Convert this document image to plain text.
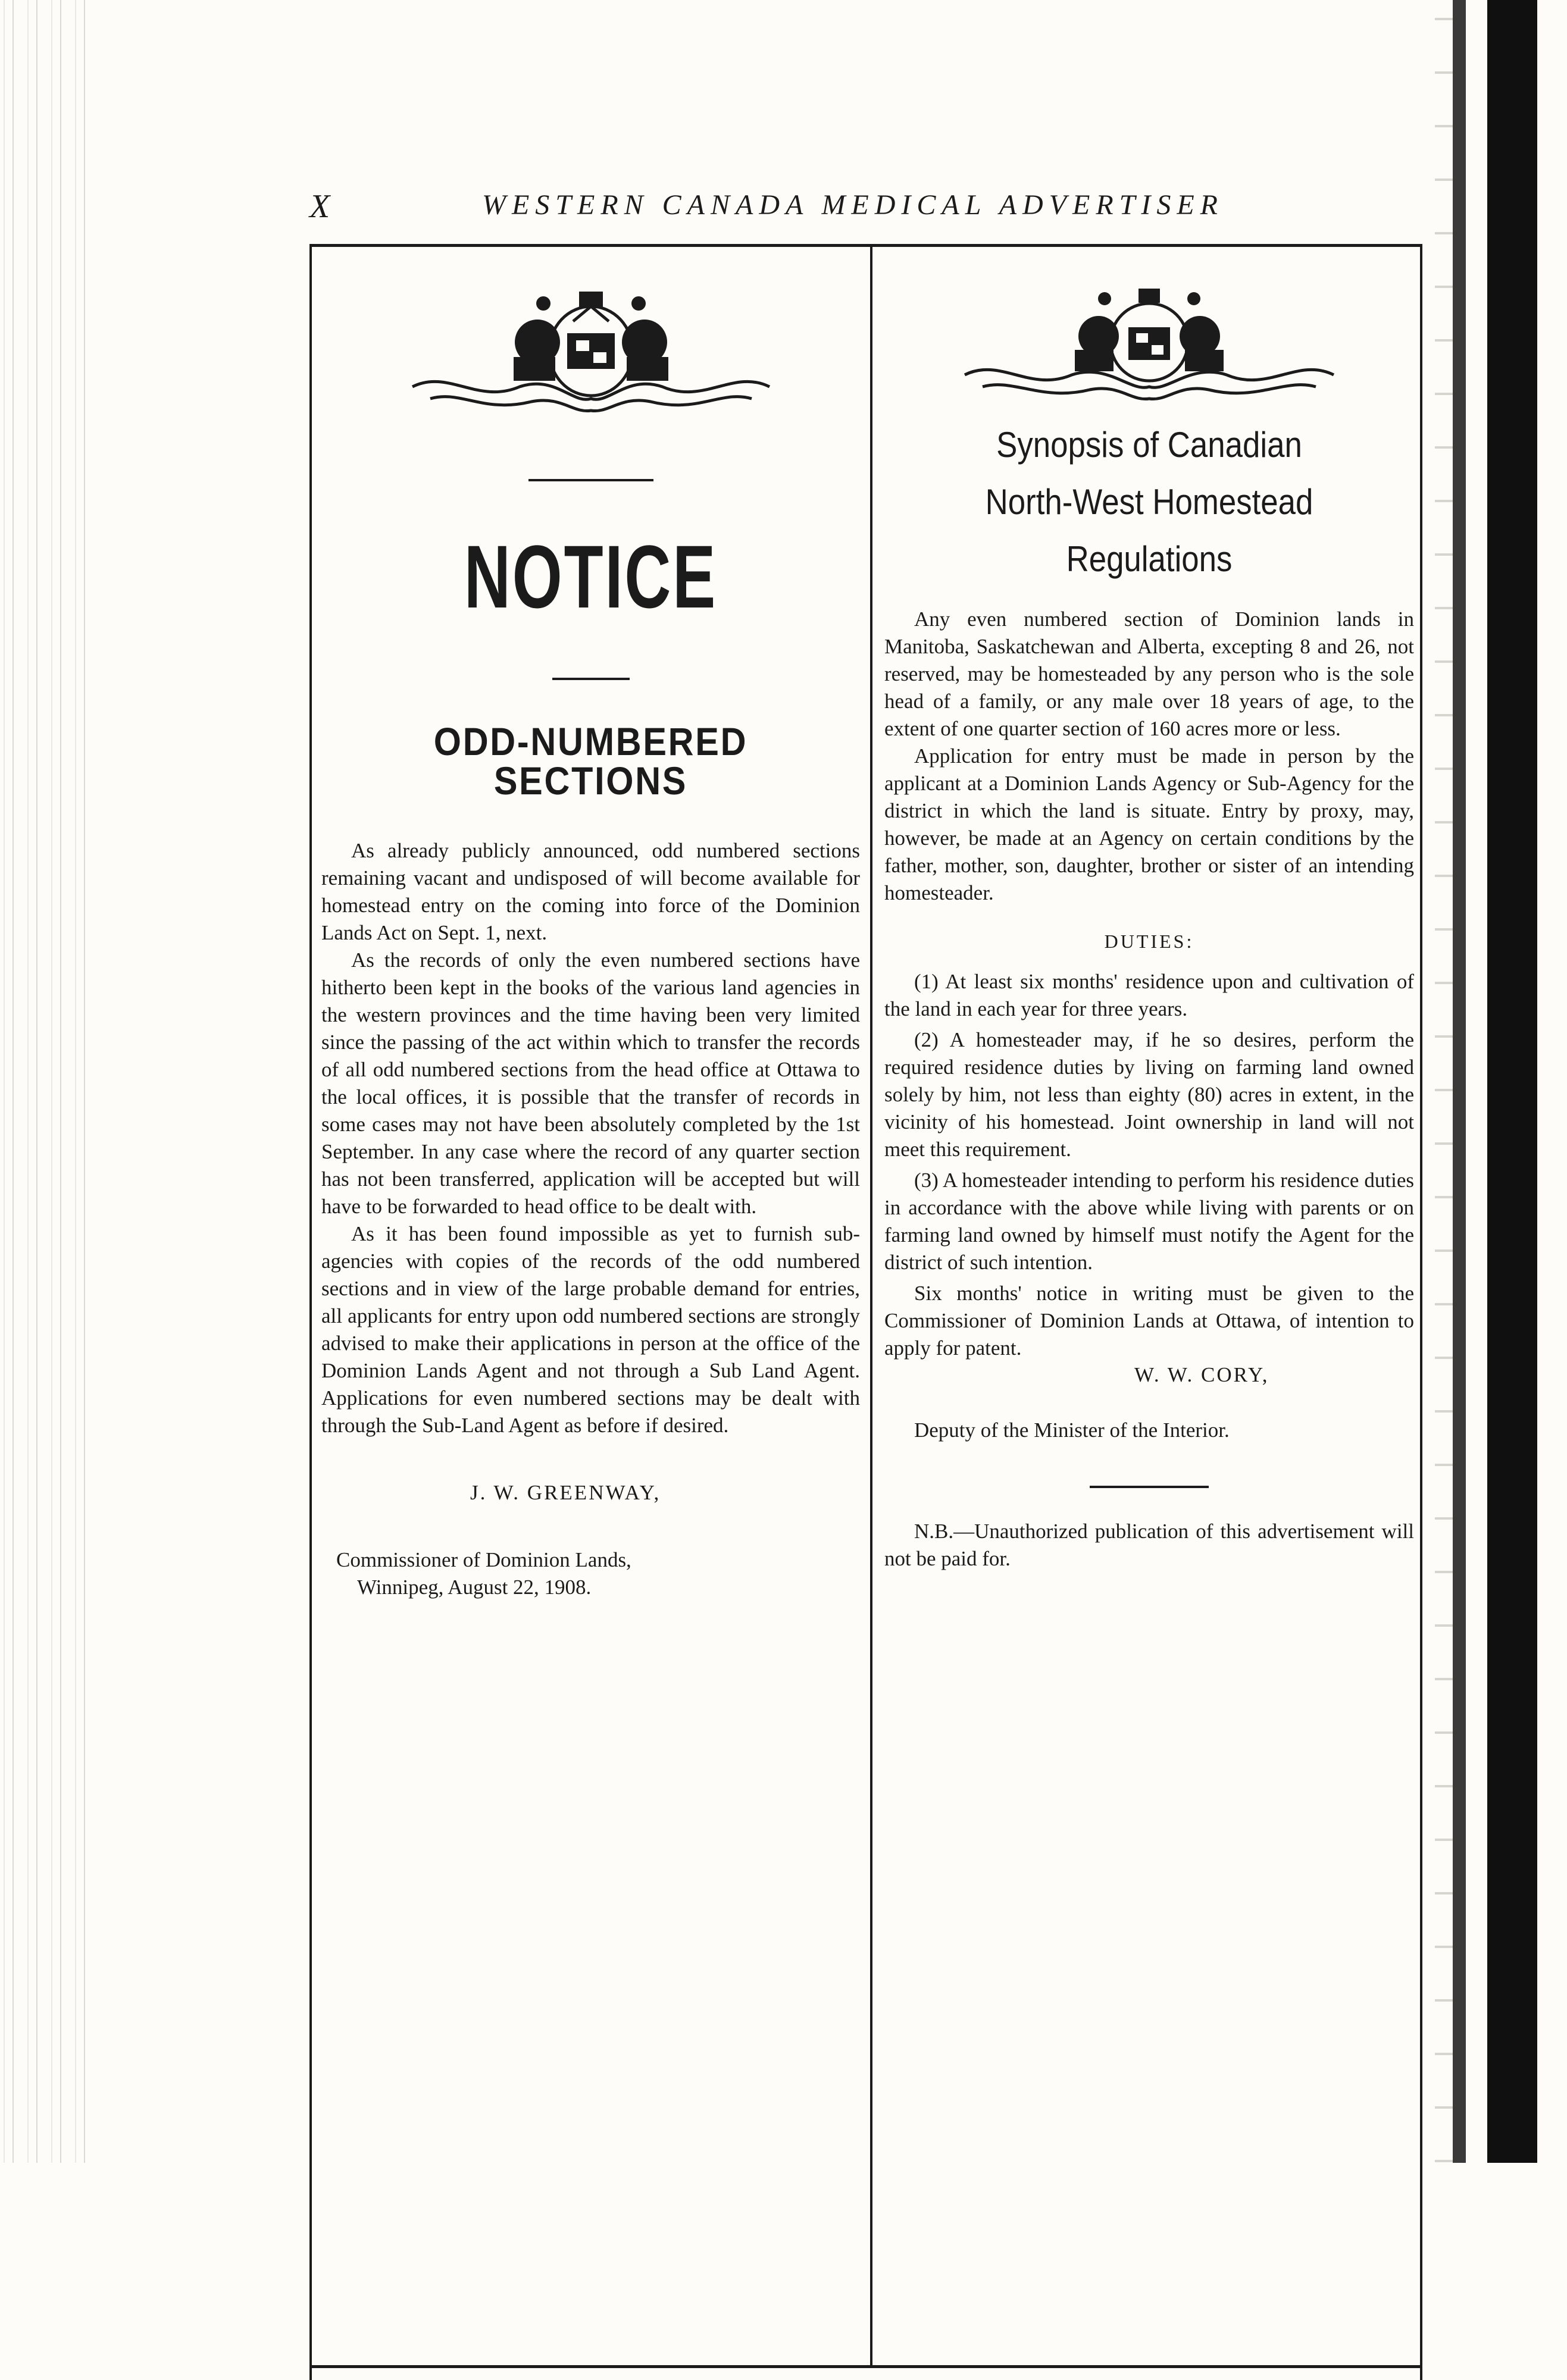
X	WESTERN CANADA MEDICAL ADVERTISER
NOTICE
ODD-NUMBERED SECTIONS

As already publicly announced, odd numbered sections remaining vacant and undisposed of will become available for homestead entry on the coming into force of the Dominion Lands Act on Sept. 1, next.

As the records of only the even numbered sections have hitherto been kept in the books of the various land agencies in the western provinces and the time having been very limited since the passing of the act within which to transfer the records of all odd numbered sections from the head office at Ottawa to the local offices, it is possible that the transfer of records in some cases may not have been absolutely completed by the 1st September. In any case where the record of any quarter section has not been transferred, application will be accepted but will have to be forwarded to head office to be dealt with.

As it has been found impossible as yet to furnish sub-agencies with copies of the records of the odd numbered sections and in view of the large probable demand for entries, all applicants for entry upon odd numbered sections are strongly advised to make their applications in person at the office of the Dominion Lands Agent and not through a Sub Land Agent. Applications for even numbered sections may be dealt with through the Sub-Land Agent as before if desired.

J. W. GREENWAY,

Commissioner of Dominion Lands,

Winnipeg, August 22, 1908.

Synopsis of Canadian

North-West Homestead

Regulations

Any even numbered section of Dominion lands in Manitoba, Saskatchewan and Alberta, excepting 8 and 26, not reserved, may be homesteaded by any person who is the sole head of a family, or any male over 18 years of age, to the extent of one quarter section of 160 acres more or less.

Application for entry must be made in person by the applicant at a Dominion Lands Agency or Sub-Agency for the district in which the land is situate. Entry by proxy, may, however, be made at an Agency on certain conditions by the father, mother, son, daughter, brother or sister of an intending homesteader.

DUTIES:

(1) At least six months' residence upon and cultivation of the land in each year for three years.

(2) A homesteader may, if he so desires, perform the required residence duties by living on farming land owned solely by him, not less than eighty (80) acres in extent, in the vicinity of his homestead. Joint ownership in land will not meet this requirement.

(3) A homesteader intending to perform his residence duties in accordance with the above while living with parents or on farming land owned by himself must notify the Agent for the district of such intention.

Six months' notice in writing must be given to the Commissioner of Dominion Lands at Ottawa, of intention to apply for patent.

W. W. CORY,

Deputy of the Minister of the Interior.

N.B.—Unauthorized publication of this advertisement will not be paid for.
